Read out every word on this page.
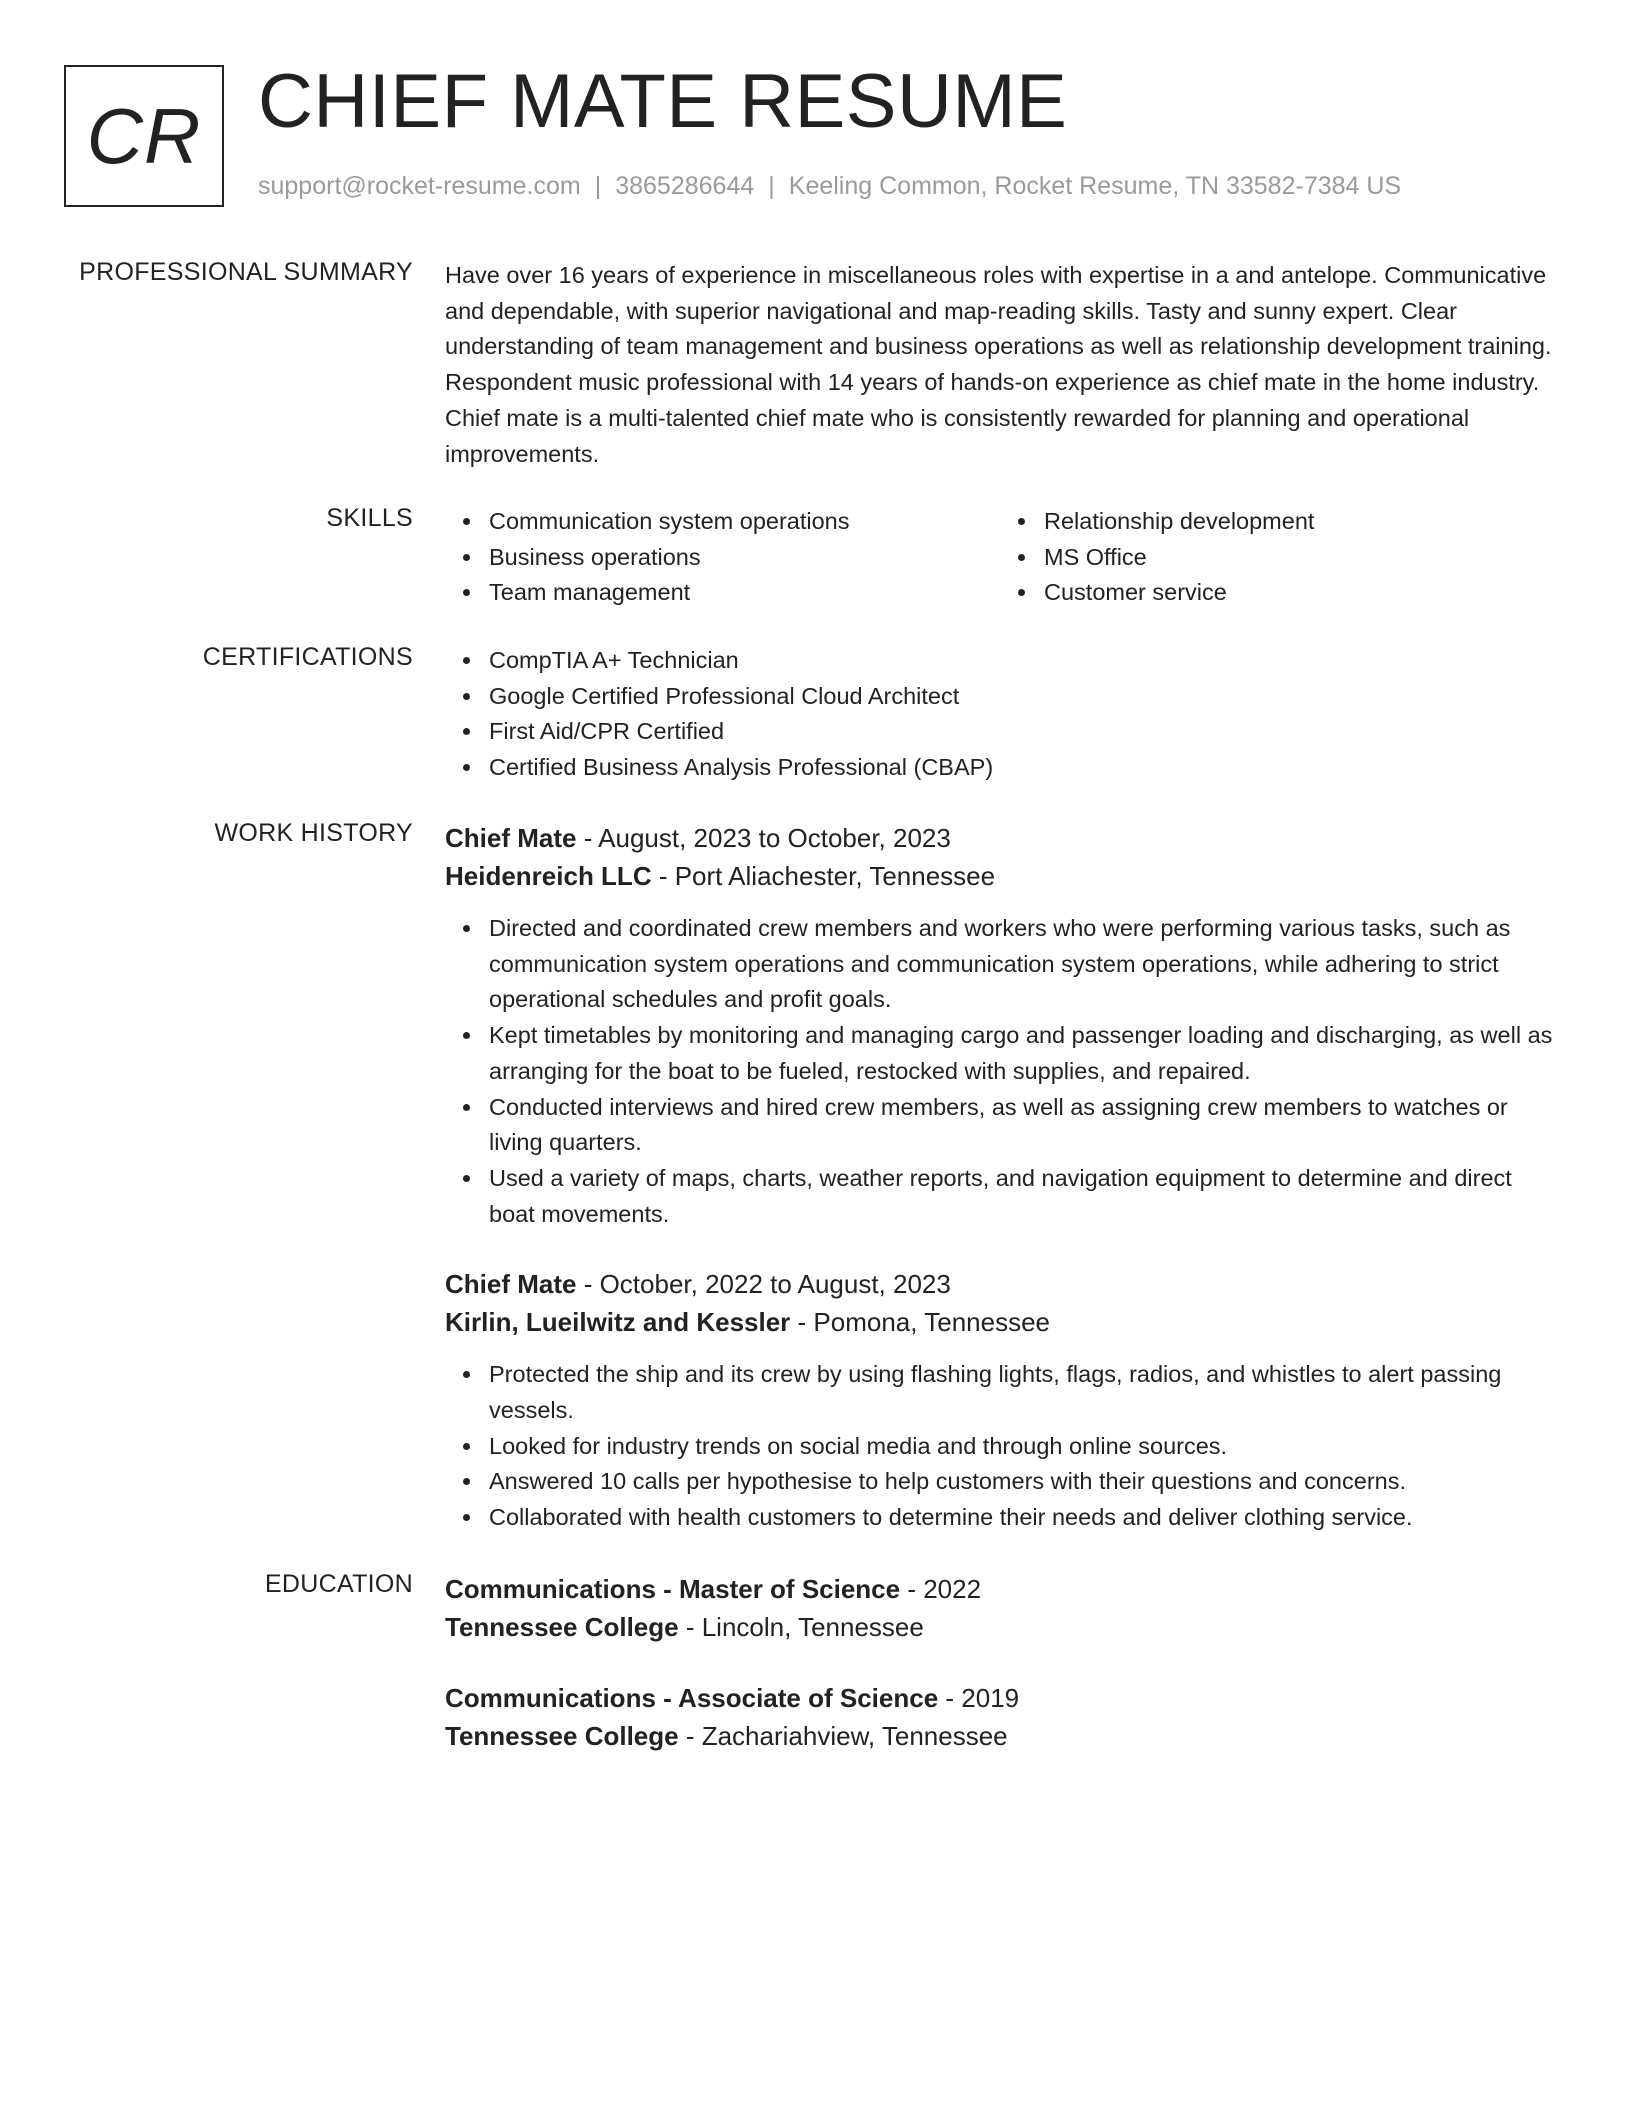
CR CHIEF MATE RESUME
support@rocket-resume.com | 3865286644 | Keeling Common, Rocket Resume, TN 33582-7384 US
PROFESSIONAL SUMMARY Have over 16 years of experience in miscellaneous roles with expertise in a and antelope. Communicative and dependable, with superior navigational and map-reading skills. Tasty and sunny expert. Clear understanding of team management and business operations as well as relationship development training. Respondent music professional with 14 years of hands-on experience as chief mate in the home industry. Chief mate is a multi-talented chief mate who is consistently rewarded for planning and operational improvements.
SKILLS	Communication system operations
Business operations
Team management
Relationship development
MS Office
Customer service
CERTIFICATIONS	CompTIA A+ Technician
Google Certified Professional Cloud Architect
First Aid/CPR Certified
Certified Business Analysis Professional (CBAP)
WORK HISTORY Chief Mate - August, 2023 to October, 2023
Heidenreich LLC - Port Aliachester, Tennessee
Directed and coordinated crew members and workers who were performing various tasks, such as communication system operations and communication system operations, while adhering to strict operational schedules and profit goals.
Kept timetables by monitoring and managing cargo and passenger loading and discharging, as well as arranging for the boat to be fueled, restocked with supplies, and repaired.
Conducted interviews and hired crew members, as well as assigning crew members to watches or living quarters.
Used a variety of maps, charts, weather reports, and navigation equipment to determine and direct boat movements.
Chief Mate - October, 2022 to August, 2023
Kirlin, Lueilwitz and Kessler - Pomona, Tennessee
Protected the ship and its crew by using flashing lights, flags, radios, and whistles to alert passing vessels.
Looked for industry trends on social media and through online sources.
Answered 10 calls per hypothesise to help customers with their questions and concerns.
Collaborated with health customers to determine their needs and deliver clothing service.
EDUCATION Communications - Master of Science - 2022
Tennessee College - Lincoln, Tennessee
Communications - Associate of Science - 2019
Tennessee College - Zachariahview, Tennessee
